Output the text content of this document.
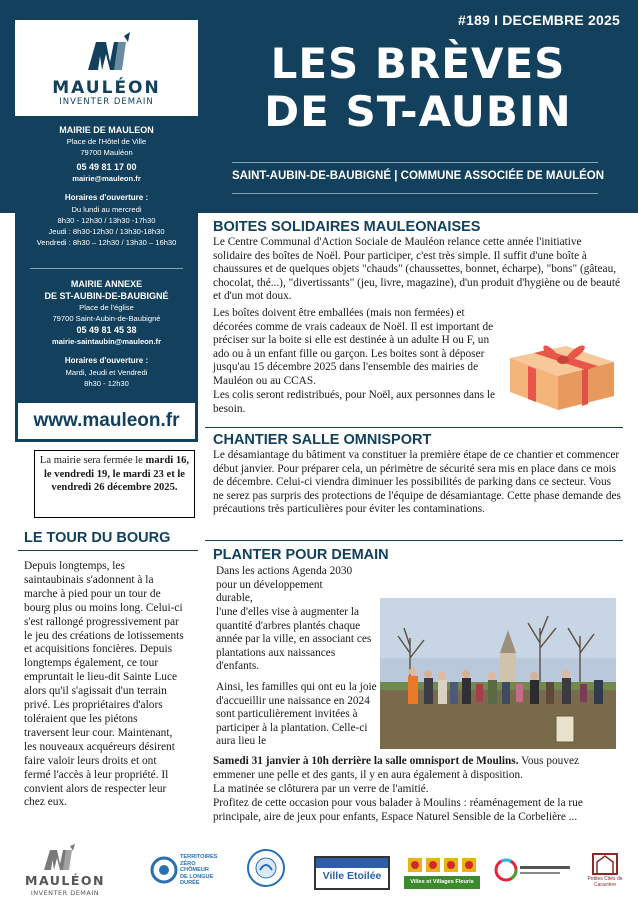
#189 I DECEMBRE 2025
LES BRÈVES
DE ST-AUBIN
SAINT-AUBIN-DE-BAUBIGNÉ | COMMUNE ASSOCIÉE DE MAULÉON
MAULÉON
INVENTER DEMAIN
MAIRIE DE MAULEON
Place de l'Hôtel de Ville
79700 Mauléon
05 49 81 17 00
mairie@mauleon.fr
Horaires d'ouverture :
Du lundi au mercredi
8h30 - 12h30 / 13h30 -17h30
Jeudi : 8h30-12h30 / 13h30-18h30
Vendredi : 8h30 – 12h30 / 13h30 – 16h30
MAIRIE ANNEXE
DE ST-AUBIN-DE-BAUBIGNÉ
Place de l'église
79700 Saint-Aubin-de-Baubigné
05 49 81 45 38
mairie-saintaubin@mauleon.fr
Horaires d'ouverture :
Mardi, Jeudi et Vendredi
8h30 - 12h30
www.mauleon.fr
La mairie sera fermée le mardi 16, le vendredi 19, le mardi 23 et le vendredi 26 décembre 2025.
LE TOUR DU BOURG
Depuis longtemps, les saintaubinais s'adonnent à la marche à pied pour un tour de bourg plus ou moins long. Celui-ci s'est rallongé progressivement par le jeu des créations de lotissements et acquisitions foncières. Depuis longtemps également, ce tour empruntait le lieu-dit Sainte Luce alors qu'il s'agissait d'un terrain privé. Les propriétaires d'alors toléraient que les piétons traversent leur cour. Maintenant, les nouveaux acquéreurs désirent faire valoir leurs droits et ont fermé l'accès à leur propriété. Il convient alors de respecter leur chez eux.
BOITES SOLIDAIRES MAULEONAISES
Le Centre Communal d'Action Sociale de Mauléon relance cette année l'initiative solidaire des boîtes de Noël. Pour participer, c'est très simple. Il suffit d'une boîte à chaussures et de quelques objets "chauds" (chaussettes, bonnet, écharpe), "bons" (gâteau, chocolat, thé...), "divertissants" (jeu, livre, magazine), d'un produit d'hygiène ou de beauté et d'un mot doux.
Les boîtes doivent être emballées (mais non fermées) et décorées comme de vrais cadeaux de Noël. Il est important de préciser sur la boite si elle est destinée à un adulte H ou F, un ado ou à un enfant fille ou garçon. Les boites sont à déposer jusqu'au 15 décembre 2025 dans l'ensemble des mairies de Mauléon ou au CCAS.
Les colis seront redistribués, pour Noël, aux personnes dans le besoin.
CHANTIER SALLE OMNISPORT
Le désamiantage du bâtiment va constituer la première étape de ce chantier et commencer début janvier. Pour préparer cela, un périmètre de sécurité sera mis en place dans ce mois de décembre. Celui-ci viendra diminuer les possibilités de parking dans ce secteur. Vous ne serez pas surpris des protections de l'équipe de désamiantage. Cette phase demande des précautions très particulières pour éviter les contaminations.
PLANTER POUR DEMAIN
Dans les actions Agenda 2030 pour un développement durable,
l'une d'elles vise à augmenter la quantité d'arbres plantés chaque année par la ville, en associant ces plantations aux naissances d'enfants.
Ainsi, les familles qui ont eu la joie d'accueillir une naissance en 2024 sont particulièrement invitées à participer à la plantation. Celle-ci aura lieu le
Samedi 31 janvier à 10h derrière la salle omnisport de Moulins. Vous pouvez emmener une pelle et des gants, il y en aura également à disposition.
La matinée se clôturera par un verre de l'amitié.
Profitez de cette occasion pour vous balader à Moulins : réaménagement de la rue principale, aire de jeux pour enfants, Espace Naturel Sensible de la Corbelière ...
MAULÉON
INVENTER DEMAIN
TERRITOIRES
ZÉRO CHÔMEUR
DE LONGUE
DURÉE
Ville Etoilée	Villes et Villages Fleuris	Petites Cités de Caractère
